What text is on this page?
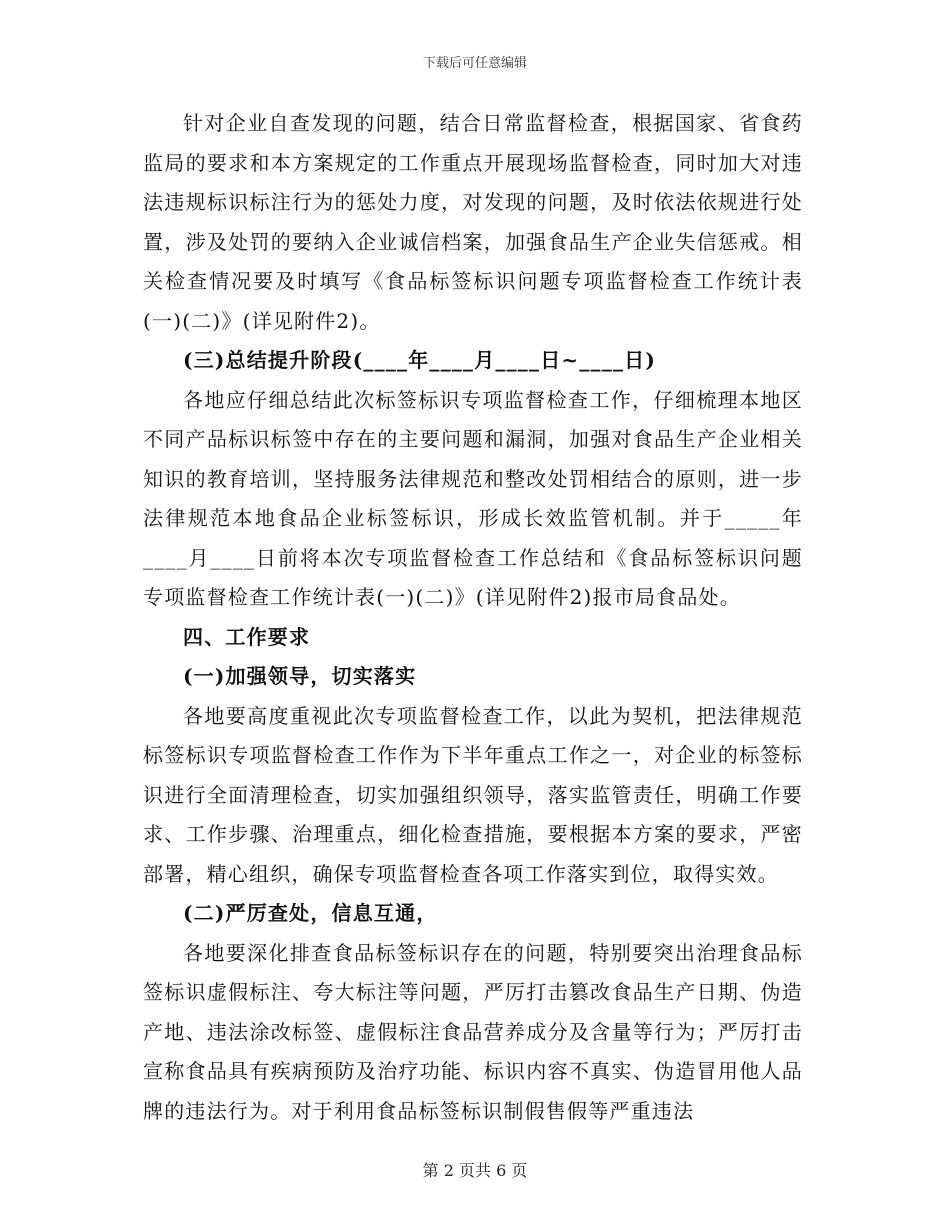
下载后可任意编辑

针对企业自查发现的问题，结合日常监督检查，根据国家、省食药监局的要求和本方案规定的工作重点开展现场监督检查，同时加大对违法违规标识标注行为的惩处力度，对发现的问题，及时依法依规进行处置，涉及处罚的要纳入企业诚信档案，加强食品生产企业失信惩戒。相关检查情况要及时填写《食品标签标识问题专项监督检查工作统计表(一)(二)》(详见附件2)。

(三)总结提升阶段(____年____月____日~____日)

各地应仔细总结此次标签标识专项监督检查工作，仔细梳理本地区不同产品标识标签中存在的主要问题和漏洞，加强对食品生产企业相关知识的教育培训，坚持服务法律规范和整改处罚相结合的原则，进一步法律规范本地食品企业标签标识，形成长效监管机制。并于_____年____月____日前将本次专项监督检查工作总结和《食品标签标识问题专项监督检查工作统计表(一)(二)》(详见附件2)报市局食品处。

四、工作要求

(一)加强领导，切实落实

各地要高度重视此次专项监督检查工作，以此为契机，把法律规范标签标识专项监督检查工作作为下半年重点工作之一，对企业的标签标识进行全面清理检查，切实加强组织领导，落实监管责任，明确工作要求、工作步骤、治理重点，细化检查措施，要根据本方案的要求，严密部署，精心组织，确保专项监督检查各项工作落实到位，取得实效。

(二)严厉查处，信息互通，

各地要深化排查食品标签标识存在的问题，特别要突出治理食品标签标识虚假标注、夸大标注等问题，严厉打击篡改食品生产日期、伪造产地、违法涂改标签、虚假标注食品营养成分及含量等行为；严厉打击宣称食品具有疾病预防及治疗功能、标识内容不真实、伪造冒用他人品牌的违法行为。对于利用食品标签标识制假售假等严重违法

第 2 页共 6 页
